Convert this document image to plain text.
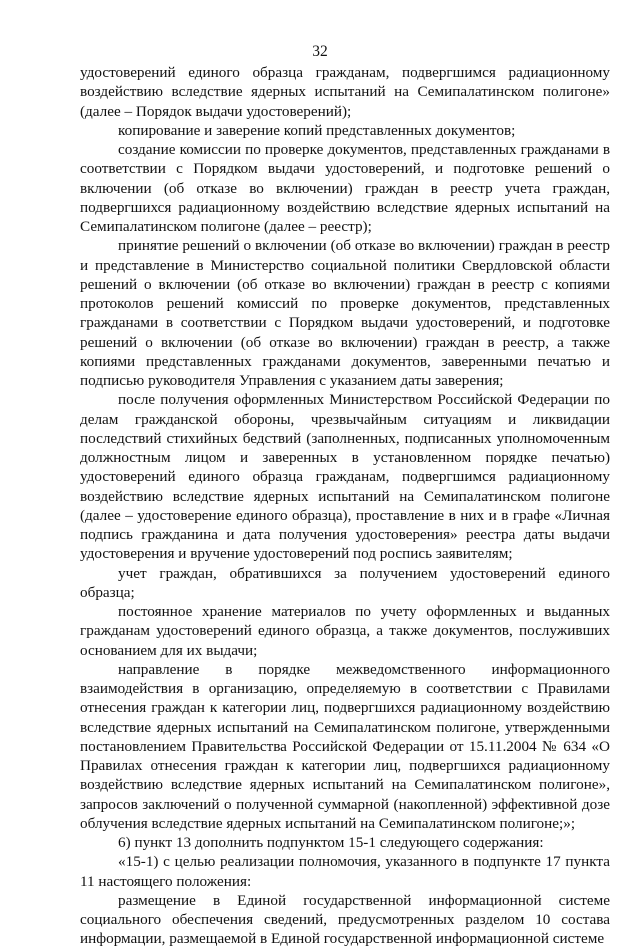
32

удостоверений единого образца гражданам, подвергшимся радиационному воздействию вследствие ядерных испытаний на Семипалатинском полигоне» (далее – Порядок выдачи удостоверений);

копирование и заверение копий представленных документов;

создание комиссии по проверке документов, представленных гражданами в соответствии с Порядком выдачи удостоверений, и подготовке решений о включении (об отказе во включении) граждан в реестр учета граждан, подвергшихся радиационному воздействию вследствие ядерных испытаний на Семипалатинском полигоне (далее – реестр);

принятие решений о включении (об отказе во включении) граждан в реестр и представление в Министерство социальной политики Свердловской области решений о включении (об отказе во включении) граждан в реестр с копиями протоколов решений комиссий по проверке документов, представленных гражданами в соответствии с Порядком выдачи удостоверений, и подготовке решений о включении (об отказе во включении) граждан в реестр, а также копиями представленных гражданами документов, заверенными печатью и подписью руководителя Управления с указанием даты заверения;

после получения оформленных Министерством Российской Федерации по делам гражданской обороны, чрезвычайным ситуациям и ликвидации последствий стихийных бедствий (заполненных, подписанных уполномоченным должностным лицом и заверенных в установленном порядке печатью) удостоверений единого образца гражданам, подвергшимся радиационному воздействию вследствие ядерных испытаний на Семипалатинском полигоне (далее – удостоверение единого образца), проставление в них и в графе «Личная подпись гражданина и дата получения удостоверения» реестра даты выдачи удостоверения и вручение удостоверений под роспись заявителям;

учет граждан, обратившихся за получением удостоверений единого образца;

постоянное хранение материалов по учету оформленных и выданных гражданам удостоверений единого образца, а также документов, послуживших основанием для их выдачи;

направление в порядке межведомственного информационного взаимодействия в организацию, определяемую в соответствии с Правилами отнесения граждан к категории лиц, подвергшихся радиационному воздействию вследствие ядерных испытаний на Семипалатинском полигоне, утвержденными постановлением Правительства Российской Федерации от 15.11.2004 № 634 «О Правилах отнесения граждан к категории лиц, подвергшихся радиационному воздействию вследствие ядерных испытаний на Семипалатинском полигоне», запросов заключений о полученной суммарной (накопленной) эффективной дозе облучения вследствие ядерных испытаний на Семипалатинском полигоне;»;

6) пункт 13 дополнить подпунктом 15-1 следующего содержания:

«15-1) с целью реализации полномочия, указанного в подпункте 17 пункта 11 настоящего положения:

размещение в Единой государственной информационной системе социального обеспечения сведений, предусмотренных разделом 10 состава информации, размещаемой в Единой государственной информационной системе
